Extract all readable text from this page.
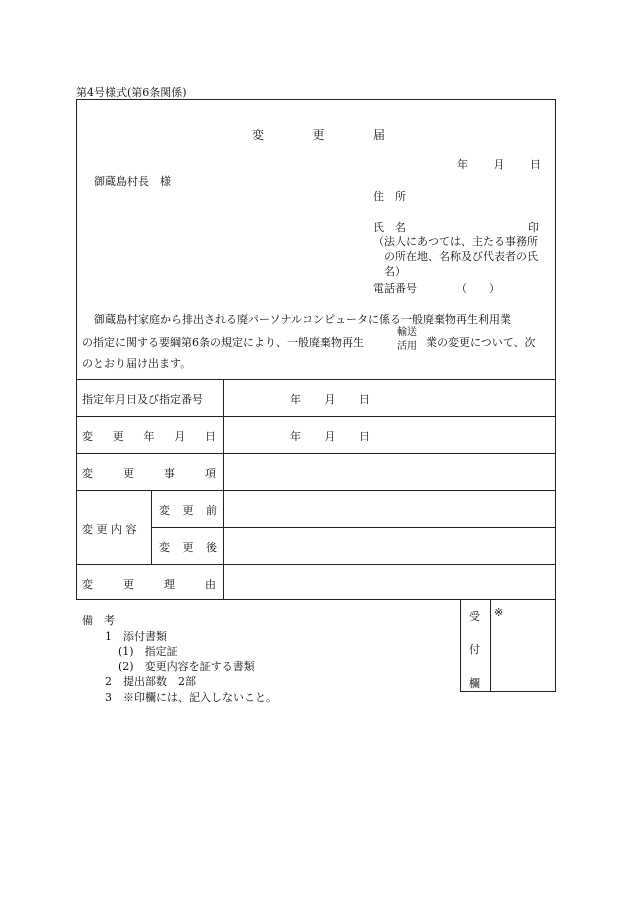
第4号様式(第6条関係)
変	更	届
年 月 日
御蔵島村長　様
住　所
氏　名	印
（法人にあつては、主たる事務所
の所在地、名称及び代表者の氏
名）
電話番号	（　　）
御蔵島村家庭から排出される廃パーソナルコンピュータに係る一般廃棄物再生利用業
の指定に関する要綱第6条の規定により、一般廃棄物再生
輸送
活用 業の変更について、次
のとおり届け出ます。
指定年月日及び指定番号	年 月 日
変 更 年 月 日	年 月 日
変	更	事	項
変 更 内 容
変 更 前
変 更 後
変	更	理	由
備　考
1　添付書類
(1)　指定証
(2)　変更内容を証する書類
2　提出部数　2部
3　※印欄には、記入しないこと。
受
付
欄
※
